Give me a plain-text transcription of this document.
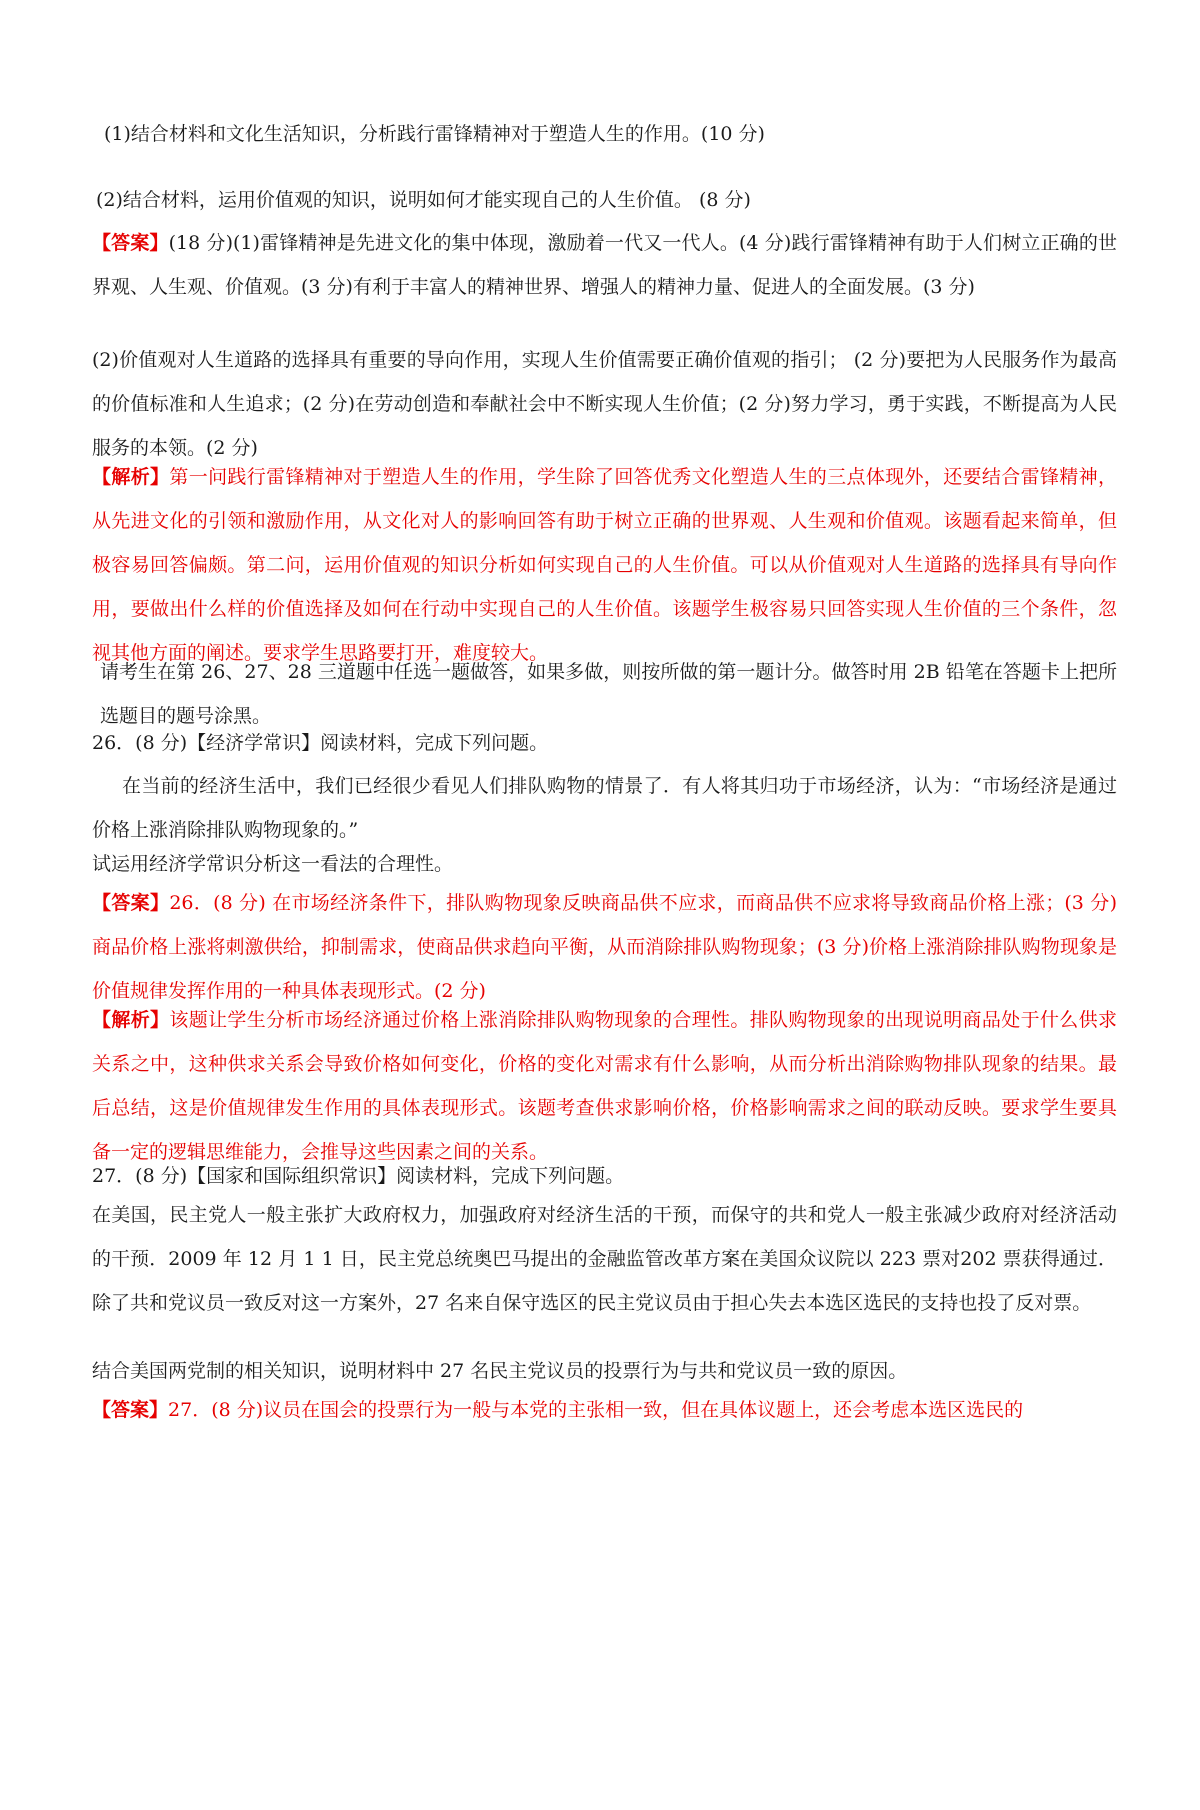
(1)结合材料和文化生活知识，分析践行雷锋精神对于塑造人生的作用。(10 分)

(2)结合材料，运用价值观的知识，说明如何才能实现自己的人生价值。 (8 分)

【答案】(18 分)(1)雷锋精神是先进文化的集中体现，激励着一代又一代人。(4 分)践行雷锋精神有助于人们树立正确的世界观、人生观、价值观。(3 分)有利于丰富人的精神世界、增强人的精神力量、促进人的全面发展。(3 分)

(2)价值观对人生道路的选择具有重要的导向作用，实现人生价值需要正确价值观的指引； (2 分)要把为人民服务作为最高的价值标准和人生追求；(2 分)在劳动创造和奉献社会中不断实现人生价值；(2 分)努力学习，勇于实践，不断提高为人民服务的本领。(2 分)

【解析】第一问践行雷锋精神对于塑造人生的作用，学生除了回答优秀文化塑造人生的三点体现外，还要结合雷锋精神，从先进文化的引领和激励作用，从文化对人的影响回答有助于树立正确的世界观、人生观和价值观。该题看起来简单，但极容易回答偏颇。第二问，运用价值观的知识分析如何实现自己的人生价值。可以从价值观对人生道路的选择具有导向作用，要做出什么样的价值选择及如何在行动中实现自己的人生价值。该题学生极容易只回答实现人生价值的三个条件，忽视其他方面的阐述。要求学生思路要打开，难度较大。

请考生在第 26、27、28 三道题中任选一题做答，如果多做，则按所做的第一题计分。做答时用 2B 铅笔在答题卡上把所选题目的题号涂黑。

26．(8 分)【经济学常识】阅读材料，完成下列问题。

在当前的经济生活中，我们已经很少看见人们排队购物的情景了．有人将其归功于市场经济，认为：“市场经济是通过价格上涨消除排队购物现象的。”

试运用经济学常识分析这一看法的合理性。

【答案】26．(8 分) 在市场经济条件下，排队购物现象反映商品供不应求，而商品供不应求将导致商品价格上涨；(3 分)商品价格上涨将刺激供给，抑制需求，使商品供求趋向平衡，从而消除排队购物现象；(3 分)价格上涨消除排队购物现象是价值规律发挥作用的一种具体表现形式。(2 分)

【解析】该题让学生分析市场经济通过价格上涨消除排队购物现象的合理性。排队购物现象的出现说明商品处于什么供求关系之中，这种供求关系会导致价格如何变化，价格的变化对需求有什么影响，从而分析出消除购物排队现象的结果。最后总结，这是价值规律发生作用的具体表现形式。该题考查供求影响价格，价格影响需求之间的联动反映。要求学生要具备一定的逻辑思维能力，会推导这些因素之间的关系。

27．(8 分)【国家和国际组织常识】阅读材料，完成下列问题。

在美国，民主党人一般主张扩大政府权力，加强政府对经济生活的干预，而保守的共和党人一般主张减少政府对经济活动的干预．2009 年 12 月 1 1 日，民主党总统奥巴马提出的金融监管改革方案在美国众议院以 223 票对202 票获得通过．除了共和党议员一致反对这一方案外，27 名来自保守选区的民主党议员由于担心失去本选区选民的支持也投了反对票。

结合美国两党制的相关知识，说明材料中 27 名民主党议员的投票行为与共和党议员一致的原因。

【答案】27．(8 分)议员在国会的投票行为一般与本党的主张相一致，但在具体议题上，还会考虑本选区选民的
